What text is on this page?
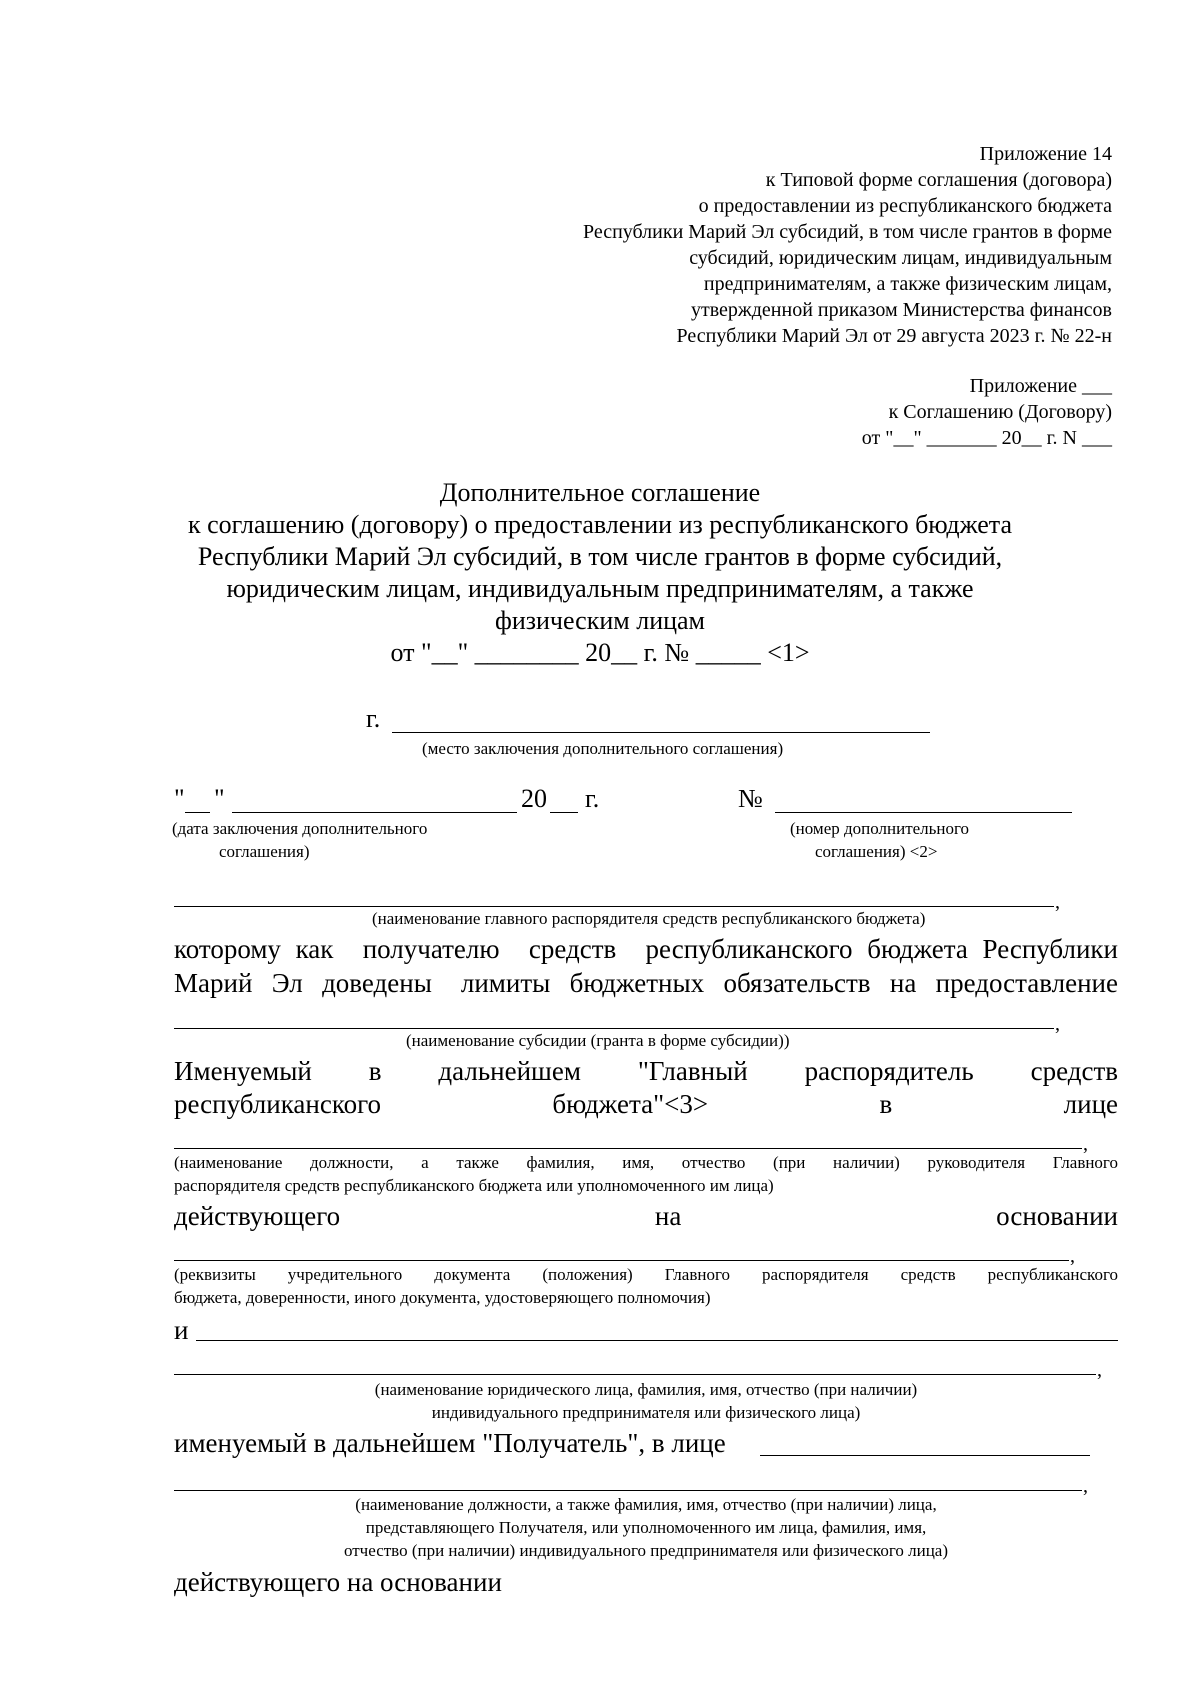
Приложение 14
к Типовой форме соглашения (договора)
о предоставлении из республиканского бюджета
Республики Марий Эл субсидий, в том числе грантов в форме
субсидий, юридическим лицам, индивидуальным
предпринимателям, а также физическим лицам,
утвержденной приказом Министерства финансов
Республики Марий Эл от 29 августа 2023 г. № 22-н
Приложение ___
к Соглашению (Договору)
от "__" _______ 20__ г. N ___
Дополнительное соглашение
к соглашению (договору) о предоставлении из республиканского бюджета
Республики Марий Эл субсидий, в том числе грантов в форме субсидий,
юридическим лицам, индивидуальным предпринимателям, а также
физическим лицам
от "__" ________ 20__ г. № _____ <1>
г.
(место заключения дополнительного соглашения)
" "	20 г.	№
(дата заключения дополнительного
соглашения)
(номер дополнительного
соглашения) <2>
,
(наименование главного распорядителя средств республиканского бюджета)
которому как  получателю  средств  республиканского бюджета Республики
Марий  Эл  доведены   лимиты  бюджетных  обязательств  на  предоставление
,
(наименование субсидии (гранта в форме субсидии))
Именуемый в дальнейшем "Главный распорядитель средств
республиканского бюджета"<3> в лице
,
(наименование должности, а также фамилия, имя, отчество (при наличии) руководителя Главного
распорядителя средств республиканского бюджета или уполномоченного им лица)
действующего на основании
,
(реквизиты учредительного документа (положения) Главного распорядителя средств республиканского
бюджета, доверенности, иного документа, удостоверяющего полномочия)
и
,
(наименование юридического лица, фамилия, имя, отчество (при наличии)
индивидуального предпринимателя или физического лица)
именуемый в дальнейшем "Получатель", в лице
,
(наименование должности, а также фамилия, имя, отчество (при наличии) лица,
представляющего Получателя, или уполномоченного им лица, фамилия, имя,
отчество (при наличии) индивидуального предпринимателя или физического лица)
действующего на основании
